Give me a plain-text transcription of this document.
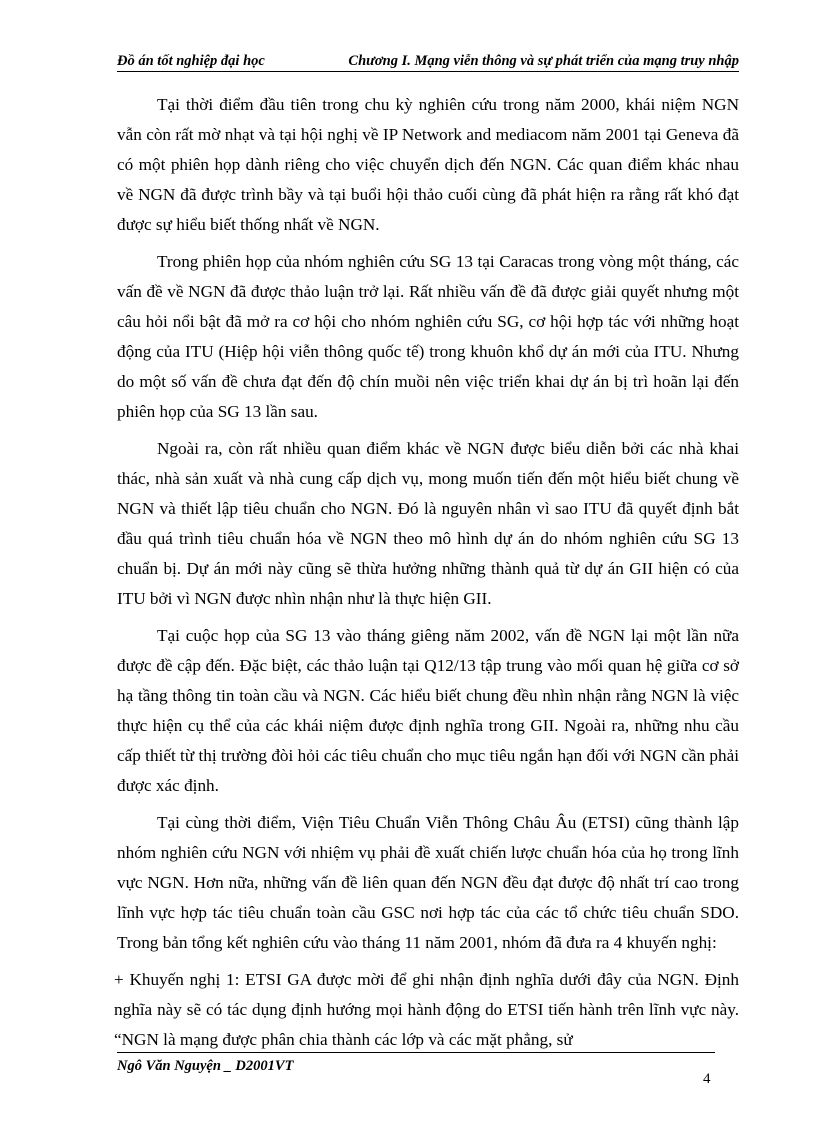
Đồ án tốt nghiệp đại học	Chương I. Mạng viễn thông và sự phát triển của mạng truy nhập

Tại thời điểm đầu tiên trong chu kỳ nghiên cứu trong năm 2000, khái niệm NGN vẫn còn rất mờ nhạt và tại hội nghị về IP Network and mediacom năm 2001 tại Geneva đã có một phiên họp dành riêng cho việc chuyển dịch đến NGN. Các quan điểm khác nhau về NGN đã được trình bầy và tại buổi hội thảo cuối cùng đã phát hiện ra rằng rất khó đạt được sự hiểu biết thống nhất về NGN.

Trong phiên họp của nhóm nghiên cứu SG 13 tại Caracas trong vòng một tháng, các vấn đề về NGN đã được thảo luận trở lại. Rất nhiều vấn đề đã được giải quyết nhưng một câu hỏi nổi bật đã mở ra cơ hội cho nhóm nghiên cứu SG, cơ hội hợp tác với những hoạt động của ITU (Hiệp hội viễn thông quốc tế) trong khuôn khổ dự án mới của ITU. Nhưng do một số vấn đề chưa đạt đến độ chín muồi nên việc triển khai dự án bị trì hoãn lại đến phiên họp của SG 13 lần sau.

Ngoài ra, còn rất nhiều quan điểm khác về NGN được biểu diễn bởi các nhà khai thác, nhà sản xuất và nhà cung cấp dịch vụ, mong muốn tiến đến một hiểu biết chung về NGN và thiết lập tiêu chuẩn cho NGN. Đó là nguyên nhân vì sao ITU đã quyết định bắt đầu quá trình tiêu chuẩn hóa về NGN theo mô hình dự án do nhóm nghiên cứu SG 13 chuẩn bị. Dự án mới này cũng sẽ thừa hưởng những thành quả từ dự án GII hiện có của ITU bởi vì NGN được nhìn nhận như là thực hiện GII.

Tại cuộc họp của SG 13 vào tháng giêng năm 2002, vấn đề NGN lại một lần nữa được đề cập đến. Đặc biệt, các thảo luận tại Q12/13 tập trung vào mối quan hệ giữa cơ sở hạ tầng thông tin toàn cầu và NGN. Các hiểu biết chung đều nhìn nhận rằng NGN là việc thực hiện cụ thể của các khái niệm được định nghĩa trong GII. Ngoài ra, những nhu cầu cấp thiết từ thị trường đòi hỏi các tiêu chuẩn cho mục tiêu ngắn hạn đối với NGN cần phải được xác định.

Tại cùng thời điểm, Viện Tiêu Chuẩn Viễn Thông Châu Âu (ETSI) cũng thành lập nhóm nghiên cứu NGN với nhiệm vụ phải đề xuất chiến lược chuẩn hóa của họ trong lĩnh vực NGN. Hơn nữa, những vấn đề liên quan đến NGN đều đạt được độ nhất trí cao trong lĩnh vực hợp tác tiêu chuẩn toàn cầu GSC nơi hợp tác của các tổ chức tiêu chuẩn SDO. Trong bản tổng kết nghiên cứu vào tháng 11 năm 2001, nhóm đã đưa ra 4 khuyến nghị:

+ Khuyến nghị 1: ETSI GA được mời để ghi nhận định nghĩa dưới đây của NGN. Định nghĩa này sẽ có tác dụng định hướng mọi hành động do ETSI tiến hành trên lĩnh vực này. “NGN là mạng được phân chia thành các lớp và các mặt phẳng, sử

Ngô Văn Nguyện _ D2001VT
4
